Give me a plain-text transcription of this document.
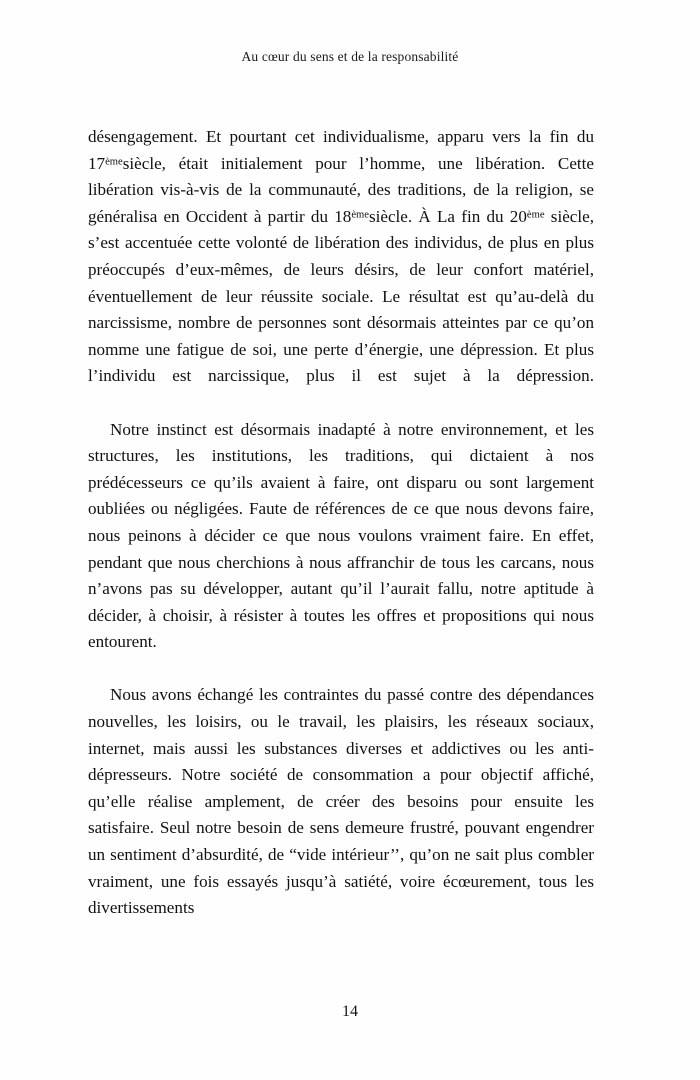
Au cœur du sens et de la responsabilité

désengagement. Et pourtant cet individualisme, apparu vers la fin du 17èmesiècle, était initialement pour l’homme, une libération. Cette libération vis-à-vis de la communauté, des traditions, de la religion, se généralisa en Occident à partir du 18èmesiècle. À La fin du 20ème siècle, s’est accentuée cette volonté de libération des individus, de plus en plus préoccupés d’eux-mêmes, de leurs désirs, de leur confort matériel, éventuellement de leur réussite sociale. Le résultat est qu’au-delà du narcissisme, nombre de personnes sont désormais atteintes par ce qu’on nomme une fatigue de soi, une perte d’énergie, une dépression. Et plus l’individu est narcissique, plus il est sujet à la dépression.

Notre instinct est désormais inadapté à notre environnement, et les structures, les institutions, les traditions, qui dictaient à nos prédécesseurs ce qu’ils avaient à faire, ont disparu ou sont largement oubliées ou négligées. Faute de références de ce que nous devons faire, nous peinons à décider ce que nous voulons vraiment faire. En effet, pendant que nous cherchions à nous affranchir de tous les carcans, nous n’avons pas su développer, autant qu’il l’aurait fallu, notre aptitude à décider, à choisir, à résister à toutes les offres et propositions qui nous entourent.

Nous avons échangé les contraintes du passé contre des dépendances nouvelles, les loisirs, ou le travail, les plaisirs, les réseaux sociaux, internet, mais aussi les substances diverses et addictives ou les anti-dépresseurs. Notre société de consommation a pour objectif affiché, qu’elle réalise amplement, de créer des besoins pour ensuite les satisfaire. Seul notre besoin de sens demeure frustré, pouvant engendrer un sentiment d’absurdité, de “vide intérieur’’, qu’on ne sait plus combler vraiment, une fois essayés jusqu’à satiété, voire écœurement, tous les divertissements

14
